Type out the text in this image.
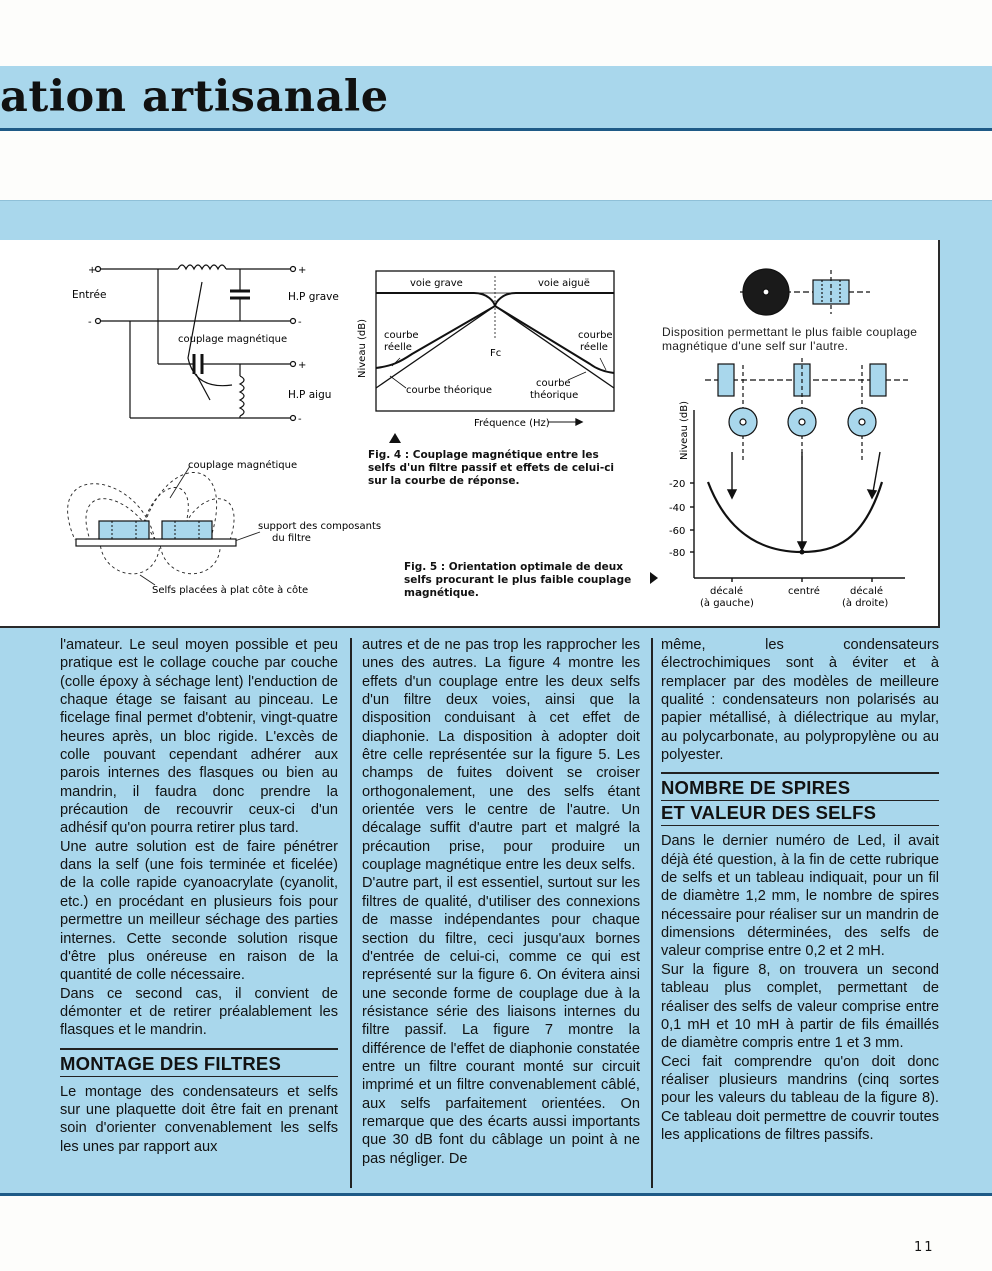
ation artisanale
+
-
+
-
+
-
Entrée	H.P grave
H.P aigu
couplage magnétique
couplage magnétique
support des composants
du filtre
Selfs placées à plat côte à côte
voie grave	voie aiguë
courbe
réelle
courbe
réelle
courbe théorique
courbe
théorique
Fc
Niveau (dB)
Fréquence (Hz)	Niveau (dB)
-20
-40
-60
-80
décalé
(à gauche)
centré	décalé
(à droite)
Fig. 4 : Couplage magnétique entre les selfs d'un filtre passif et effets de celui-ci sur la courbe de réponse.
Fig. 5 : Orientation optimale de deux selfs procurant le plus faible couplage magnétique.
Disposition permettant le plus faible couplage magnétique d'une self sur l'autre.

l'amateur. Le seul moyen possible et peu pratique est le collage couche par couche (colle époxy à séchage lent) l'enduction de chaque étage se faisant au pinceau. Le ficelage final permet d'obtenir, vingt-quatre heures après, un bloc rigide. L'excès de colle pouvant cependant adhérer aux parois internes des flasques ou bien au mandrin, il faudra donc prendre la précaution de recouvrir ceux-ci d'un adhésif qu'on pourra retirer plus tard.

Une autre solution est de faire pénétrer dans la self (une fois terminée et ficelée) de la colle rapide cyanoacrylate (cyanolit, etc.) en procédant en plusieurs fois pour permettre un meilleur séchage des parties internes. Cette seconde solution risque d'être plus onéreuse en raison de la quantité de colle nécessaire.

Dans ce second cas, il convient de démonter et de retirer préalablement les flasques et le mandrin.

MONTAGE DES FILTRES

Le montage des condensateurs et selfs sur une plaquette doit être fait en prenant soin d'orienter convenablement les selfs les unes par rapport aux

autres et de ne pas trop les rapprocher les unes des autres. La figure 4 montre les effets d'un couplage entre les deux selfs d'un filtre deux voies, ainsi que la disposition conduisant à cet effet de diaphonie. La disposition à adopter doit être celle représentée sur la figure 5. Les champs de fuites doivent se croiser orthogonalement, une des selfs étant orientée vers le centre de l'autre. Un décalage suffit d'autre part et malgré la précaution prise, pour produire un couplage magnétique entre les deux selfs.

D'autre part, il est essentiel, surtout sur les filtres de qualité, d'utiliser des connexions de masse indépendantes pour chaque section du filtre, ceci jusqu'aux bornes d'entrée de celui-ci, comme ce qui est représenté sur la figure 6. On évitera ainsi une seconde forme de couplage due à la résistance série des liaisons internes du filtre passif. La figure 7 montre la différence de l'effet de diaphonie constatée entre un filtre courant monté sur circuit imprimé et un filtre convenablement câblé, aux selfs parfaitement orientées. On remarque que des écarts aussi importants que 30 dB font du câblage un point à ne pas négliger. De

même, les condensateurs électrochimiques sont à éviter et à remplacer par des modèles de meilleure qualité : condensateurs non polarisés au papier métallisé, à diélectrique au mylar, au polycarbonate, au polypropylène ou au polyester.

NOMBRE DE SPIRES
ET VALEUR DES SELFS

Dans le dernier numéro de Led, il avait déjà été question, à la fin de cette rubrique de selfs et un tableau indiquait, pour un fil de diamètre 1,2 mm, le nombre de spires nécessaire pour réaliser sur un mandrin de dimensions déterminées, des selfs de valeur comprise entre 0,2 et 2 mH.

Sur la figure 8, on trouvera un second tableau plus complet, permettant de réaliser des selfs de valeur comprise entre 0,1 mH et 10 mH à partir de fils émaillés de diamètre compris entre 1 et 3 mm.

Ceci fait comprendre qu'on doit donc réaliser plusieurs mandrins (cinq sortes pour les valeurs du tableau de la figure 8). Ce tableau doit permettre de couvrir toutes les applications de filtres passifs.

11
